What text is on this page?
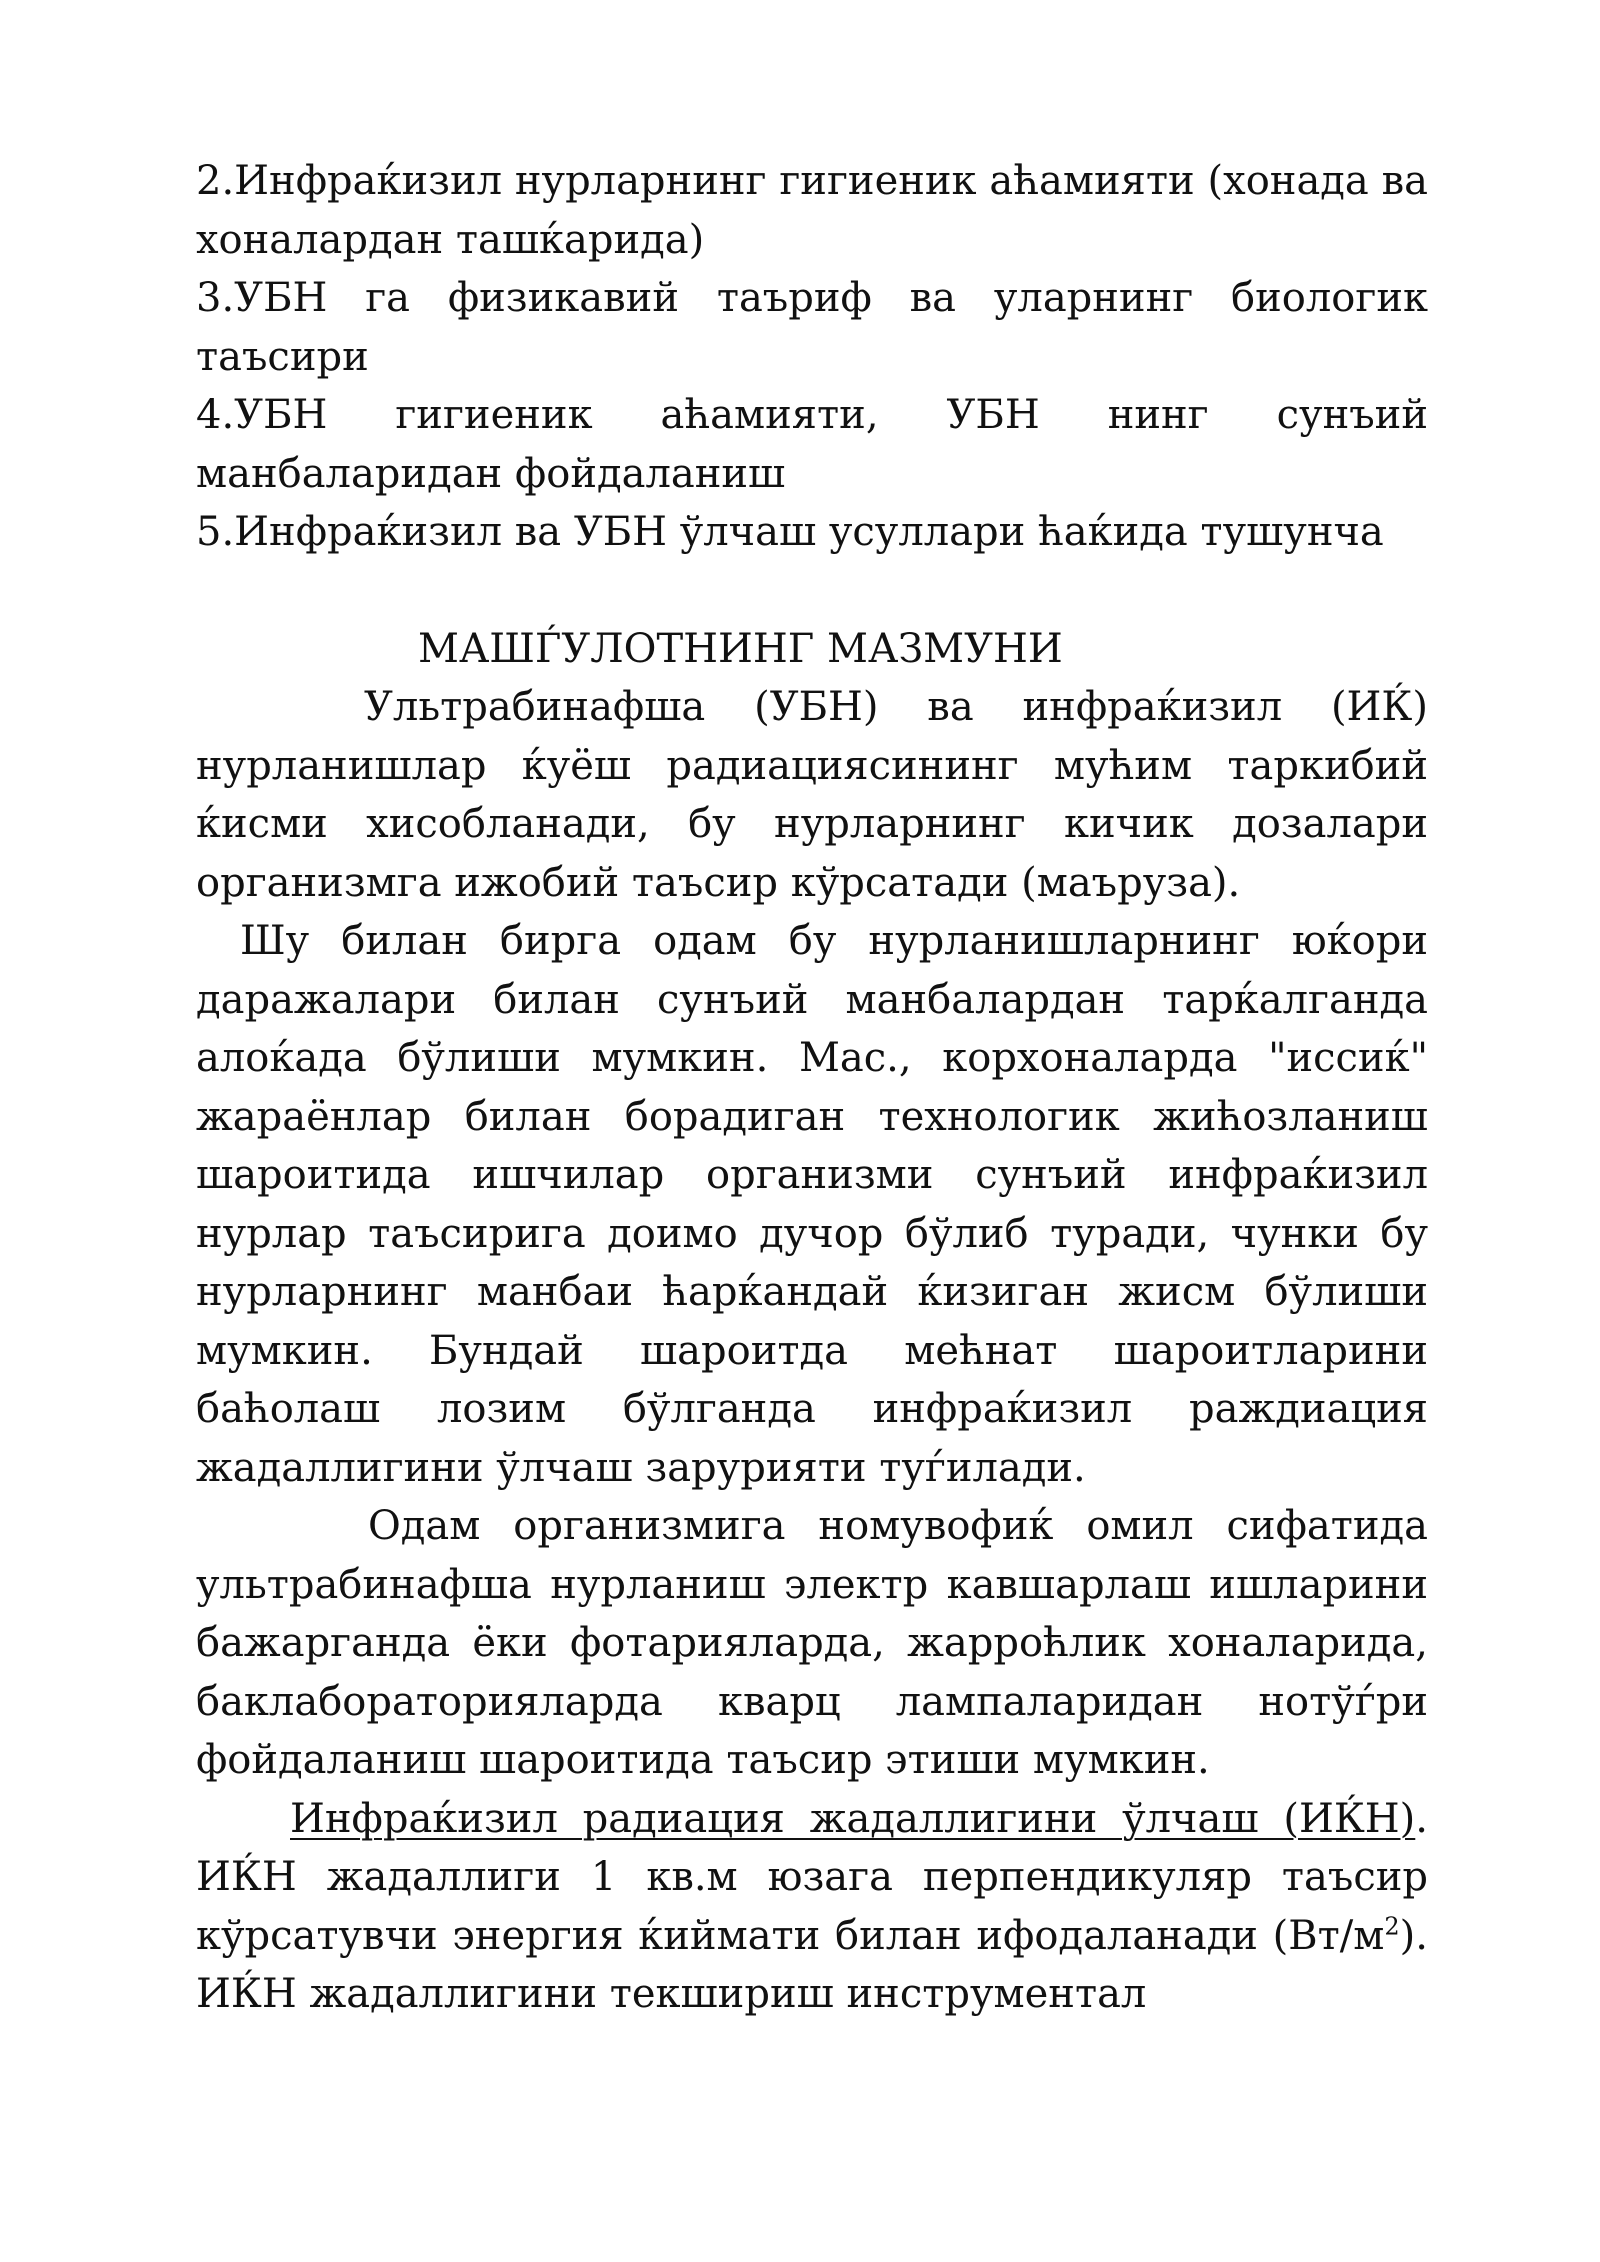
2.Инфраќизил нурларнинг гигиеник аћамияти (хонада ва хоналардан ташќарида)

3.УБН га физикавий таъриф ва уларнинг биологик таъсири

4.УБН гигиеник аћамияти, УБН нинг сунъий манбаларидан фойдаланиш

5.Инфраќизил ва УБН ўлчаш усуллари ћаќида тушунча

МАШЃУЛОТНИНГ МАЗМУНИ

Ультрабинафша (УБН) ва инфраќизил (ИЌ) нурланишлар ќуёш радиациясининг мућим таркибий ќисми хисобланади, бу нурларнинг кичик дозалари организмга ижобий таъсир кўрсатади (маъруза).

Шу билан бирга одам бу нурланишларнинг юќори даражалари билан сунъий манбалардан тарќалганда алоќада бўлиши мумкин. Мас., корхоналарда "иссиќ" жараёнлар билан борадиган технологик жићозланиш шароитида ишчилар организми сунъий инфраќизил нурлар таъсирига доимо дучор бўлиб туради, чунки бу нурларнинг манбаи ћарќандай ќизиган жисм бўлиши мумкин. Бундай шароитда мећнат шароитларини баћолаш лозим бўлганда инфраќизил раждиация жадаллигини ўлчаш зарурияти туѓилади.

Одам организмига номувофиќ омил сифатида ультрабинафша нурланиш электр кавшарлаш ишларини бажарганда ёки фотарияларда, жарроћлик хоналарида, баклабораторияларда кварц лампаларидан нотўѓри фойдаланиш шароитида таъсир этиши мумкин.

Инфраќизил радиация жадаллигини ўлчаш (ИЌН). ИЌН жадаллиги 1 кв.м юзага перпендикуляр таъсир кўрсатувчи энергия ќиймати билан ифодаланади $(Вт/м^2)$. ИЌН жадаллигини текшириш инструментал
